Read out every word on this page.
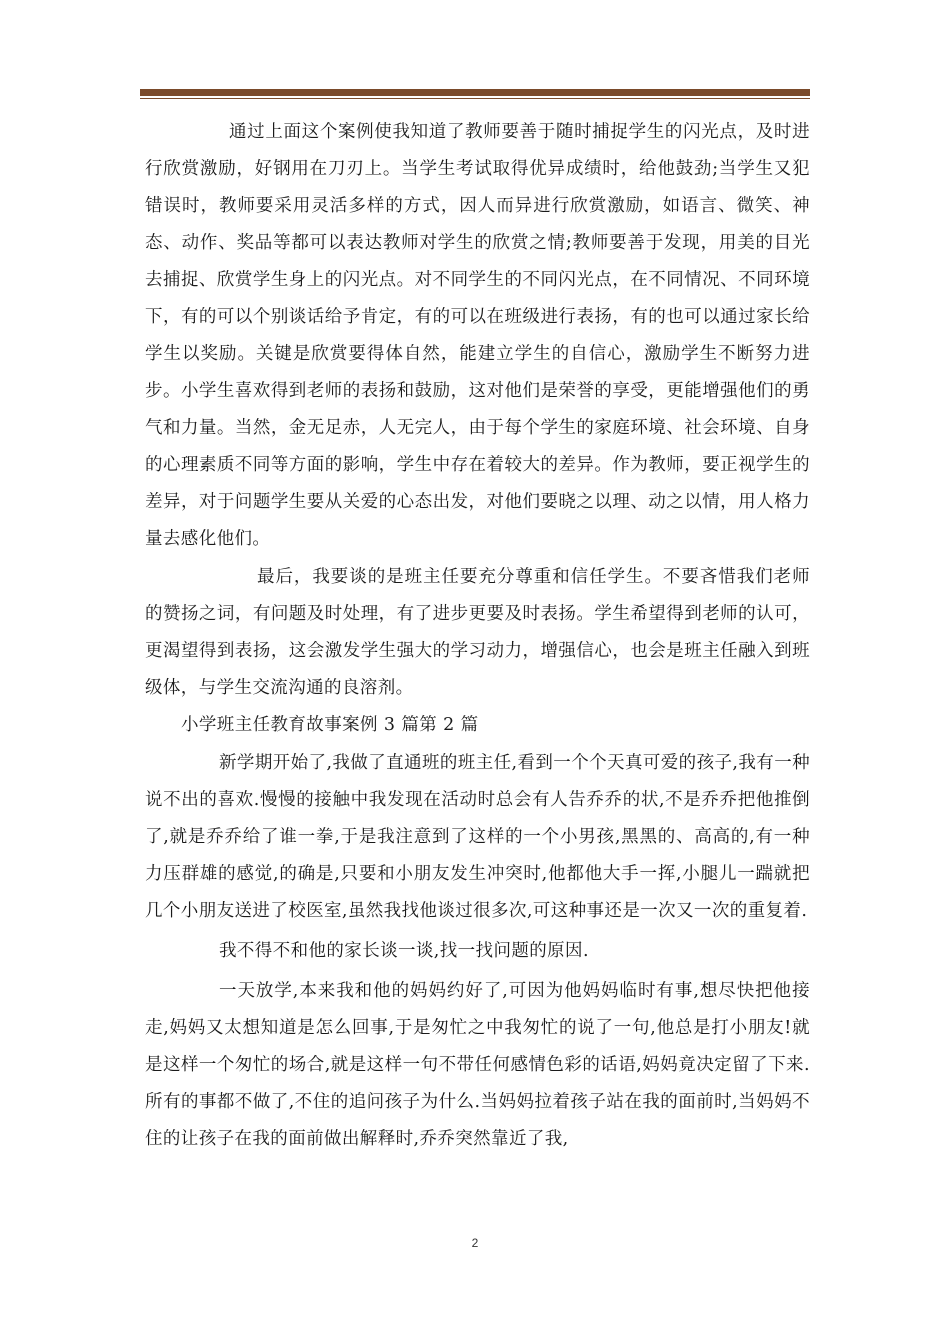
通过上面这个案例使我知道了教师要善于随时捕捉学生的闪光点，及时进行欣赏激励，好钢用在刀刃上。当学生考试取得优异成绩时，给他鼓劲;当学生又犯错误时，教师要采用灵活多样的方式，因人而异进行欣赏激励，如语言、微笑、神态、动作、奖品等都可以表达教师对学生的欣赏之情;教师要善于发现，用美的目光去捕捉、欣赏学生身上的闪光点。对不同学生的不同闪光点，在不同情况、不同环境下，有的可以个别谈话给予肯定，有的可以在班级进行表扬，有的也可以通过家长给学生以奖励。关键是欣赏要得体自然，能建立学生的自信心，激励学生不断努力进步。小学生喜欢得到老师的表扬和鼓励，这对他们是荣誉的享受，更能增强他们的勇气和力量。当然，金无足赤，人无完人，由于每个学生的家庭环境、社会环境、自身的心理素质不同等方面的影响，学生中存在着较大的差异。作为教师，要正视学生的差异，对于问题学生要从关爱的心态出发，对他们要晓之以理、动之以情，用人格力量去感化他们。

最后，我要谈的是班主任要充分尊重和信任学生。不要吝惜我们老师的赞扬之词，有问题及时处理，有了进步更要及时表扬。学生希望得到老师的认可，更渴望得到表扬，这会激发学生强大的学习动力，增强信心，也会是班主任融入到班级体，与学生交流沟通的良溶剂。

小学班主任教育故事案例 3 篇第 2 篇

新学期开始了,我做了直通班的班主任,看到一个个天真可爱的孩子,我有一种说不出的喜欢.慢慢的接触中我发现在活动时总会有人告乔乔的状,不是乔乔把他推倒了,就是乔乔给了谁一拳,于是我注意到了这样的一个小男孩,黑黑的、高高的,有一种力压群雄的感觉,的确是,只要和小朋友发生冲突时,他都他大手一挥,小腿儿一踹就把几个小朋友送进了校医室,虽然我找他谈过很多次,可这种事还是一次又一次的重复着.

我不得不和他的家长谈一谈,找一找问题的原因.

一天放学,本来我和他的妈妈约好了,可因为他妈妈临时有事,想尽快把他接走,妈妈又太想知道是怎么回事,于是匆忙之中我匆忙的说了一句,他总是打小朋友!就是这样一个匆忙的场合,就是这样一句不带任何感情色彩的话语,妈妈竟决定留了下来.所有的事都不做了,不住的追问孩子为什么.当妈妈拉着孩子站在我的面前时,当妈妈不住的让孩子在我的面前做出解释时,乔乔突然靠近了我,

2
